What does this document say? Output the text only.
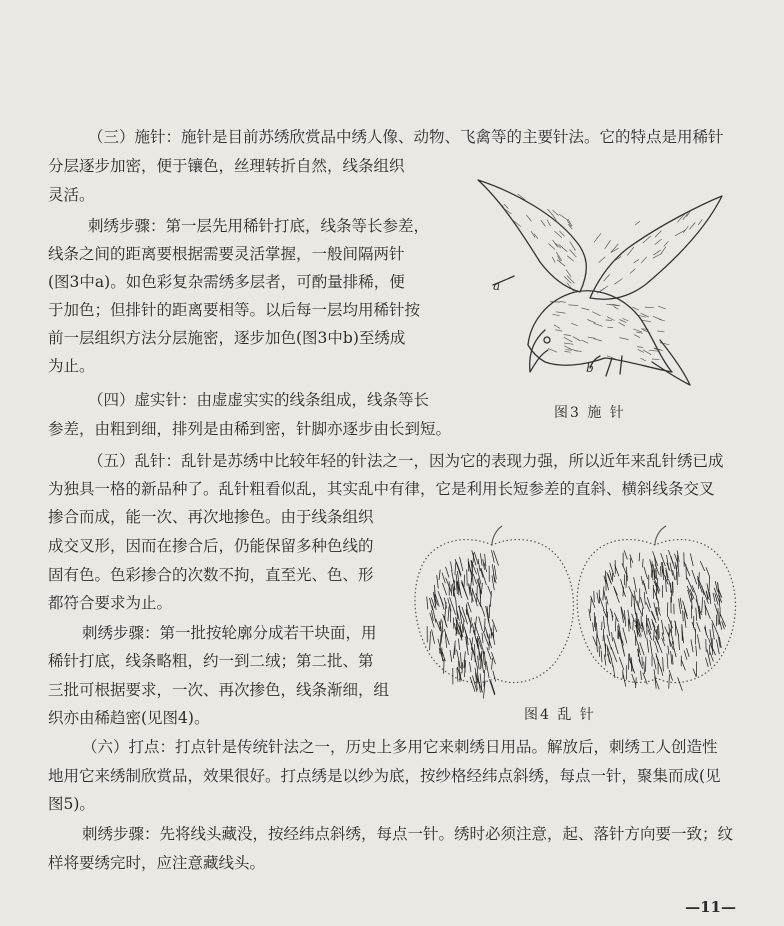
（三）施针：施针是目前苏绣欣赏品中绣人像、动物、飞禽等的主要针法。它的特点是用稀针
分层逐步加密，便于镶色，丝理转折自然，线条组织
灵活。
刺绣步骤：第一层先用稀针打底，线条等长参差，
线条之间的距离要根据需要灵活掌握，一般间隔两针
(图3中a)。如色彩复杂需绣多层者，可酌量排稀，便
于加色；但排针的距离要相等。以后每一层均用稀针按
前一层组织方法分层施密，逐步加色(图3中b)至绣成
为止。
（四）虚实针：由虚虚实实的线条组成，线条等长
参差，由粗到细，排列是由稀到密，针脚亦逐步由长到短。
（五）乱针：乱针是苏绣中比较年轻的针法之一，因为它的表现力强，所以近年来乱针绣已成
为独具一格的新品种了。乱针粗看似乱，其实乱中有律，它是利用长短参差的直斜、横斜线条交叉
掺合而成，能一次、再次地掺色。由于线条组织
成交叉形，因而在掺合后，仍能保留多种色线的
固有色。色彩掺合的次数不拘，直至光、色、形
都符合要求为止。
刺绣步骤：第一批按轮廓分成若干块面，用
稀针打底，线条略粗，约一到二绒；第二批、第
三批可根据要求，一次、再次掺色，线条渐细，组
织亦由稀趋密(见图4)。
（六）打点：打点针是传统针法之一，历史上多用它来刺绣日用品。解放后，刺绣工人创造性
地用它来绣制欣赏品，效果很好。打点绣是以纱为底，按纱格经纬点斜绣，每点一针，聚集而成(见
图5)。
刺绣步骤：先将线头藏没，按经纬点斜绣，每点一针。绣时必须注意，起、落针方向要一致；纹
样将要绣完时，应注意藏线头。
a
b
图3 施 针
图4 乱 针
—11—
